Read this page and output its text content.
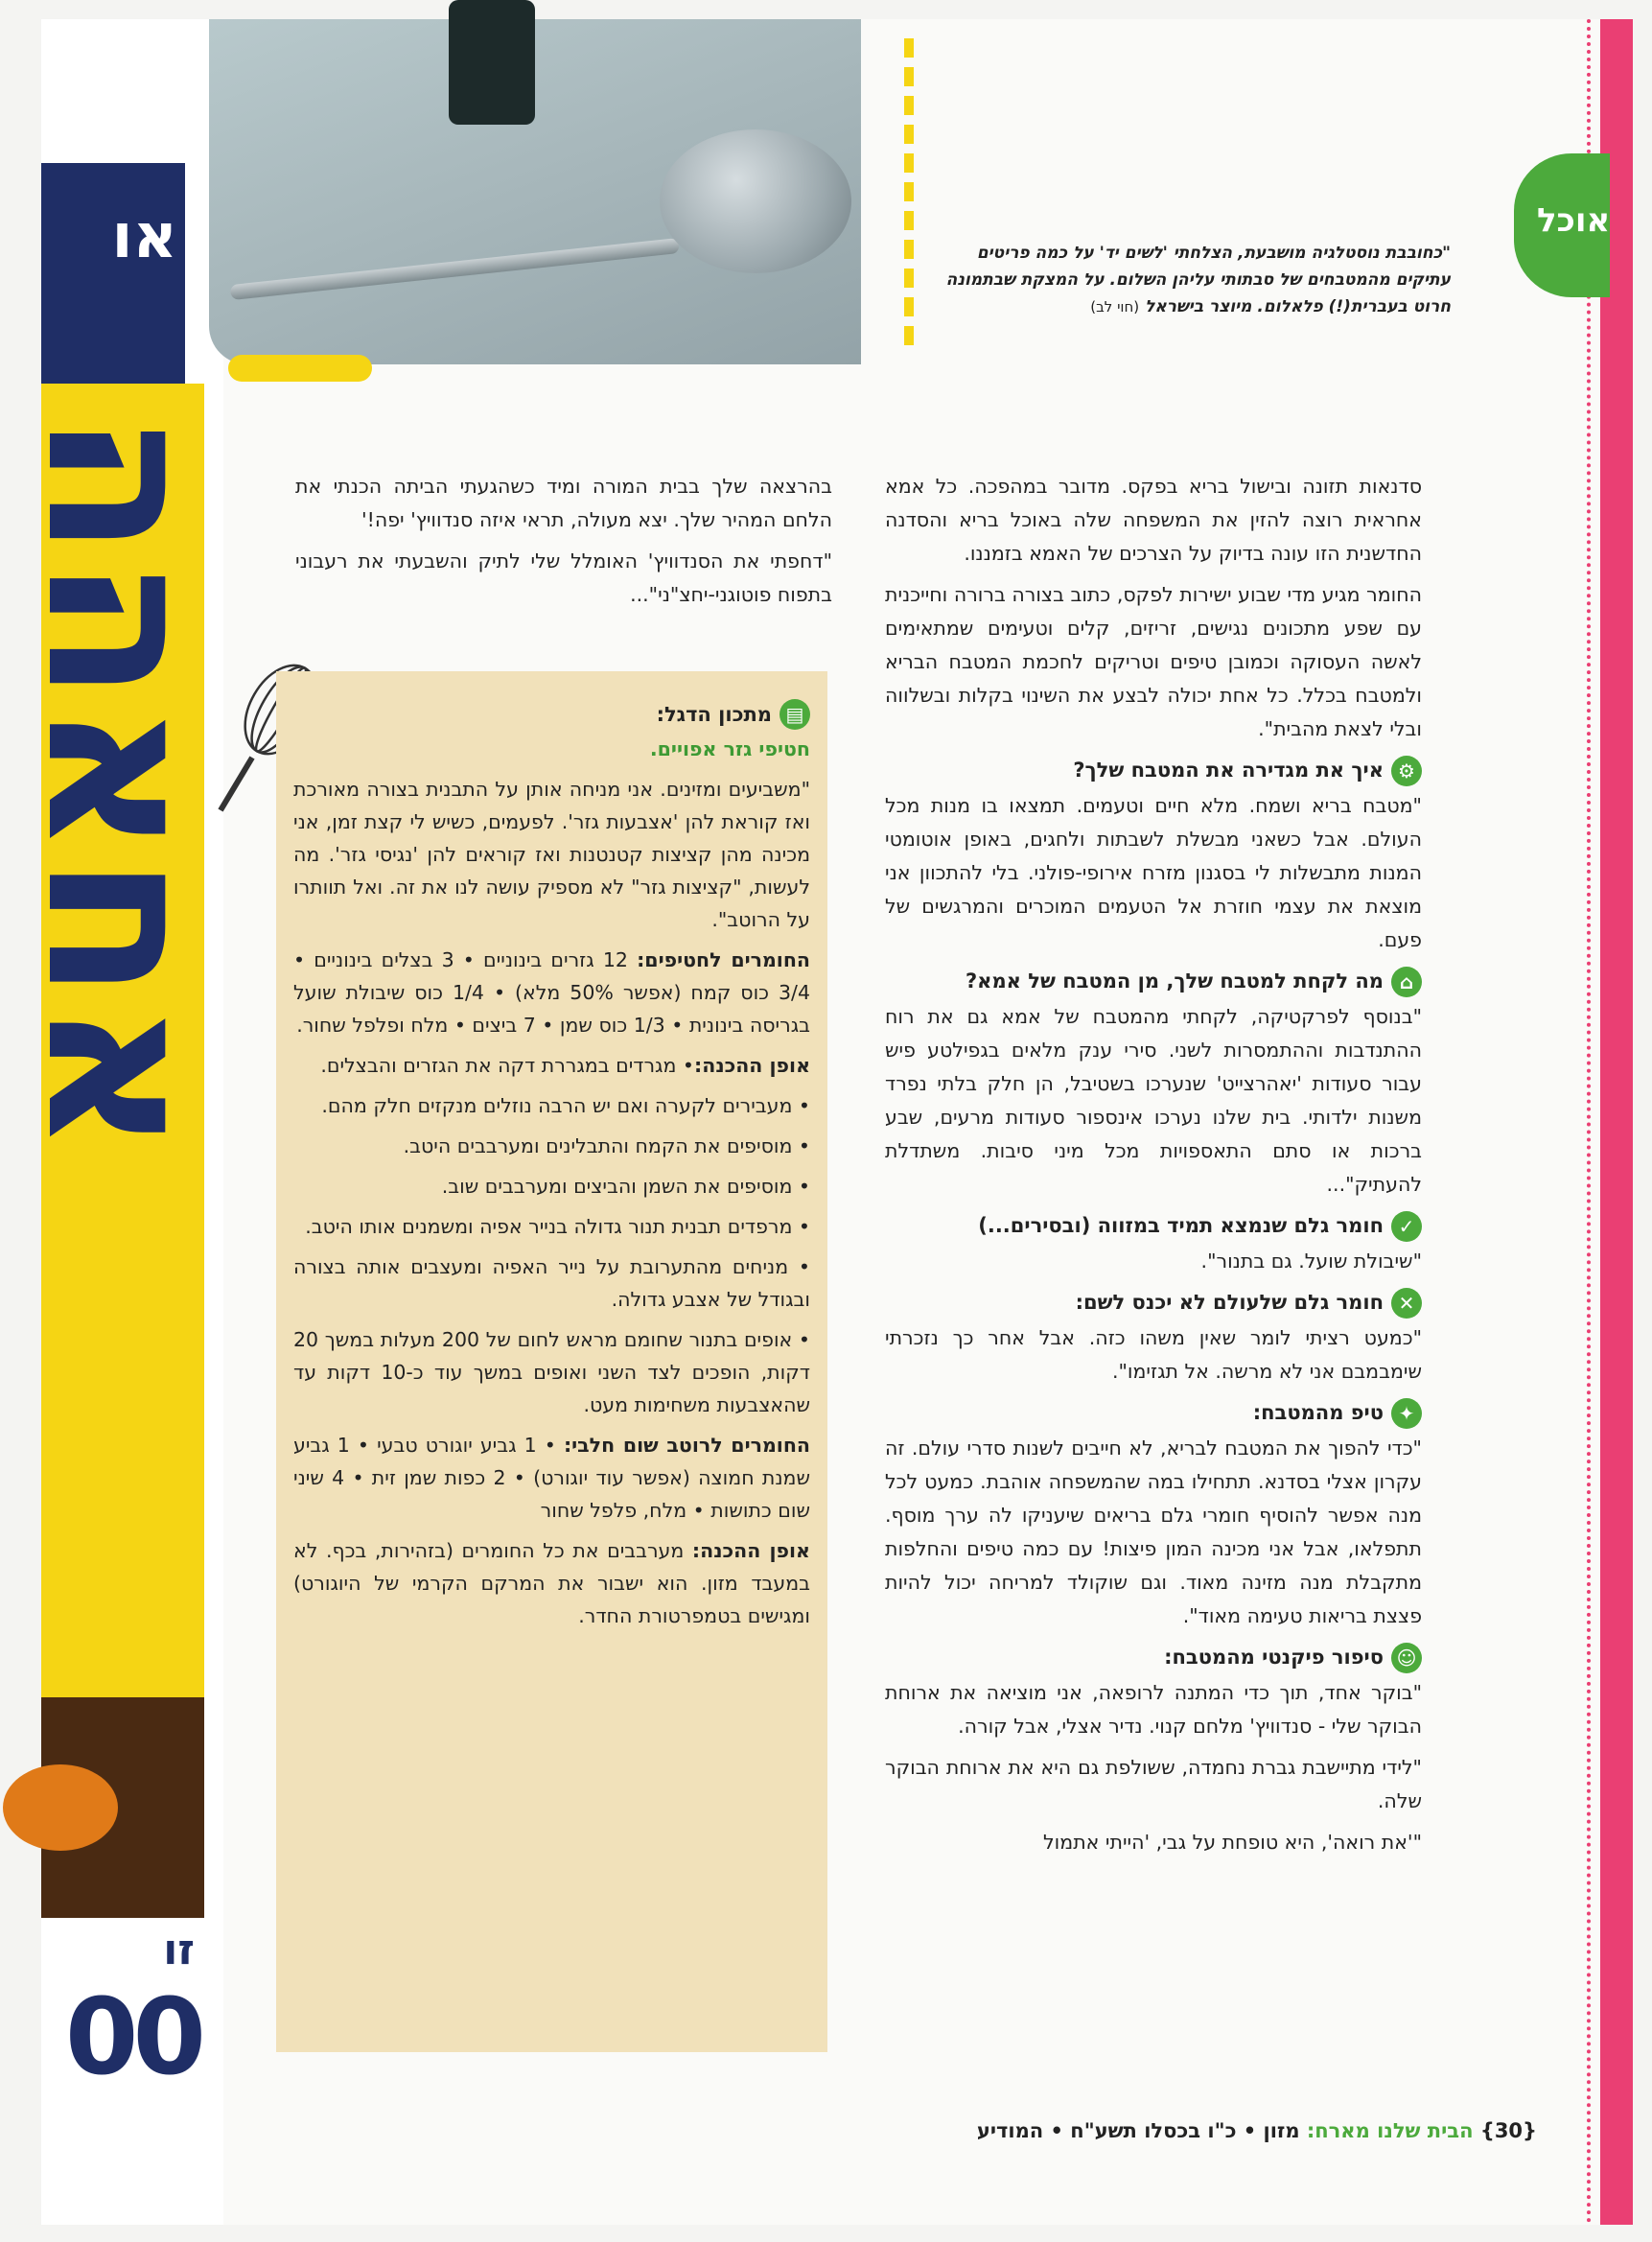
או
אחאהה
זו
00
"כחובבת נוסטלגיה מושבעת, הצלחתי 'לשים יד' על כמה פריטים עתיקים מהמטבחים של סבתותי עליהן השלום. על המצקת שבתמונה חרוט בעברית(!) פלאלום. מיוצר בישראל (חוי לב)
אוכל

סדנאות תזונה ובישול בריא בפקס. מדובר במהפכה. כל אמא אחראית רוצה להזין את המשפחה שלה באוכל בריא והסדנה החדשנית הזו עונה בדיוק על הצרכים של האמא בזמננו.

החומר מגיע מדי שבוע ישירות לפקס, כתוב בצורה ברורה וחייכנית עם שפע מתכונים נגישים, זריזים, קלים וטעימים שמתאימים לאשה העסוקה וכמובן טיפים וטריקים לחכמת המטבח הבריא ולמטבח בכלל. כל אחת יכולה לבצע את השינוי בקלות ובשלווה ובלי לצאת מהבית".

⚙
איך את מגדירה את המטבח שלך?

"מטבח בריא ושמח. מלא חיים וטעמים. תמצאו בו מנות מכל העולם. אבל כשאני מבשלת לשבתות ולחגים, באופן אוטומטי המנות מתבשלות לי בסגנון מזרח אירופי-פולני. בלי להתכוון אני מוצאת את עצמי חוזרת אל הטעמים המוכרים והמרגשים של פעם.

⌂
מה לקחת למטבח שלך, מן המטבח של אמא?

"בנוסף לפרקטיקה, לקחתי מהמטבח של אמא גם את רוח ההתנדבות וההתמסרות לשני. סירי ענק מלאים בגפילטע פיש עבור סעודות 'יאהרצייט' שנערכו בשטיבל, הן חלק בלתי נפרד משנות ילדותי. בית שלנו נערכו אינספור סעודות מרעים, שבע ברכות או סתם התאספויות מכל מיני סיבות. משתדלת להעתיק"...

✓
חומר גלם שנמצא תמיד במזווה (ובסירים...)

"שיבולת שועל. גם בתנור".

✕
חומר גלם שלעולם לא יכנס לשם:

"כמעט רציתי לומר שאין משהו כזה. אבל אחר כך נזכרתי שימבמבם אני לא מרשה. אל תגזימו".

✦
טיפ מהמטבח:

"כדי להפוך את המטבח לבריא, לא חייבים לשנות סדרי עולם. זה עקרון אצלי בסדנא. תתחילו במה שהמשפחה אוהבת. כמעט לכל מנה אפשר להוסיף חומרי גלם בריאים שיעניקו לה ערך מוסף. תתפלאו, אבל אני מכינה המון פיצות! עם כמה טיפים והחלפות מתקבלת מנה מזינה מאוד. וגם שוקולד למריחה יכול להיות פצצת בריאות טעימה מאוד".

☺
סיפור פיקנטי מהמטבח:

"בוקר אחד, תוך כדי המתנה לרופאה, אני מוציאה את ארוחת הבוקר שלי - סנדוויץ' מלחם קנוי. נדיר אצלי, אבל קורה.

"לידי מתיישבת גברת נחמדה, ששולפת גם היא את ארוחת הבוקר שלה.

"'את רואה', היא טופחת על גבי, 'הייתי אתמול

בהרצאה שלך בבית המורה ומיד כשהגעתי הביתה הכנתי את הלחם המהיר שלך. יצא מעולה, תראי איזה סנדוויץ' יפה!'

"דחפתי את הסנדוויץ' האומלל שלי לתיק והשבעתי את רעבוני בתפוח פוטוגני-יחצ"ני"...

▤
מתכון הדגל:

חטיפי גזר אפויים.

"משביעים ומזינים. אני מניחה אותן על התבנית בצורה מאורכת ואז קוראת להן 'אצבעות גזר'. לפעמים, כשיש לי קצת זמן, אני מכינה מהן קציצות קטנטנות ואז קוראים להן 'נגיסי גזר'. מה לעשות, "קציצות גזר" לא מספיק עושה לנו את זה. ואל תוותרו על הרוטב".

החומרים לחטיפים: 12 גזרים בינוניים • 3 בצלים בינוניים • 3/4 כוס קמח (אפשר 50% מלא) • 1/4 כוס שיבולת שועל בגריסה בינונית • 1/3 כוס שמן • 7 ביצים • מלח ופלפל שחור.

אופן ההכנה:• מגרדים במגררת דקה את הגזרים והבצלים.

• מעבירים לקערה ואם יש הרבה נוזלים מנקזים חלק מהם.

• מוסיפים את הקמח והתבלינים ומערבבים היטב.

• מוסיפים את השמן והביצים ומערבבים שוב.

• מרפדים תבנית תנור גדולה בנייר אפיה ומשמנים אותו היטב.

• מניחים מהתערובת על נייר האפיה ומעצבים אותה בצורה ובגודל של אצבע גדולה.

• אופים בתנור שחומם מראש לחום של 200 מעלות במשך 20 דקות, הופכים לצד השני ואופים במשך עוד כ-10 דקות עד שהאצבעות משחימות מעט.

החומרים לרוטב שום חלבי: • 1 גביע יוגורט טבעי • 1 גביע שמנת חמוצה (אפשר עוד יוגורט) • 2 כפות שמן זית • 4 שיני שום כתושות • מלח, פלפל שחור

אופן ההכנה: מערבבים את כל החומרים (בזהירות, בכף. לא במעבד מזון. הוא ישבור את המרקם הקרמי של היוגורט) ומגישים בטמפרטורת החדר.

{30} הבית שלנו מארח: מזון • כ"ו בכסלו תשע"ח • המודיע
